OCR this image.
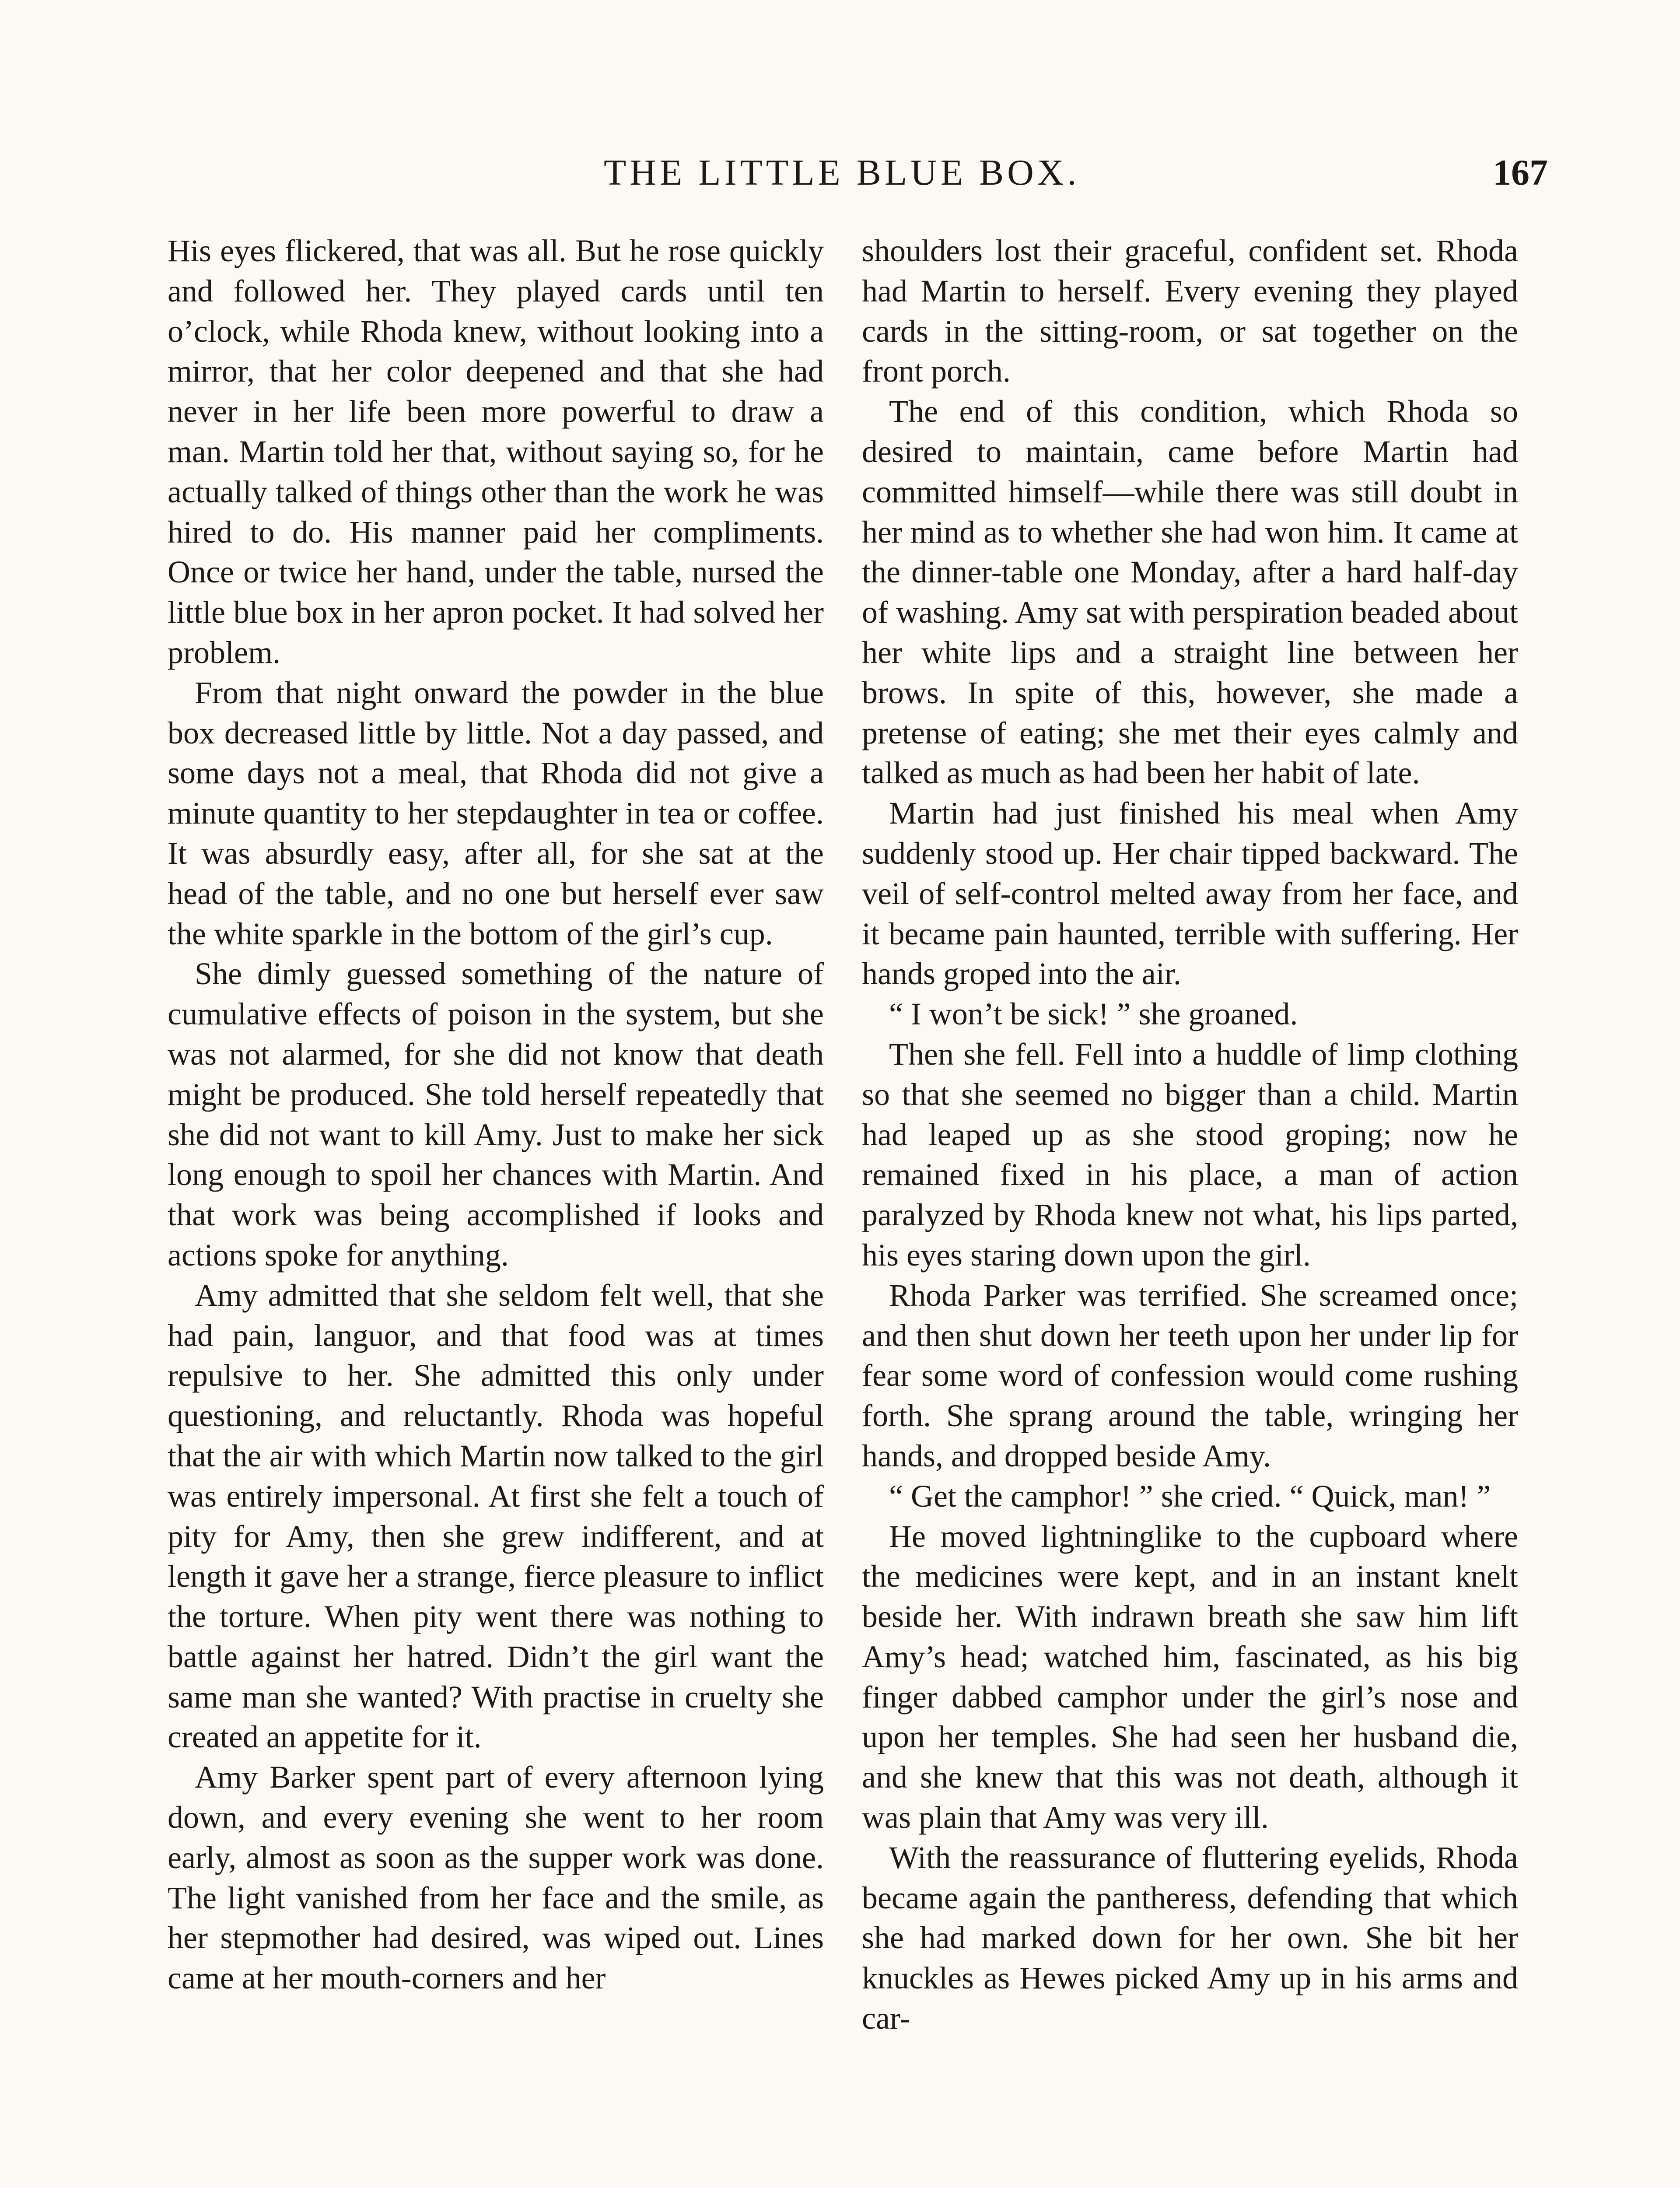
THE LITTLE BLUE BOX.	167

His eyes flickered, that was all. But he rose quickly and followed her. They played cards until ten o’clock, while Rhoda knew, without looking into a mirror, that her color deepened and that she had never in her life been more powerful to draw a man. Martin told her that, without saying so, for he actually talked of things other than the work he was hired to do. His manner paid her compliments. Once or twice her hand, under the table, nursed the little blue box in her apron pocket. It had solved her problem.

From that night onward the powder in the blue box decreased little by little. Not a day passed, and some days not a meal, that Rhoda did not give a minute quantity to her stepdaughter in tea or coffee. It was absurdly easy, after all, for she sat at the head of the table, and no one but herself ever saw the white sparkle in the bottom of the girl’s cup.

She dimly guessed something of the nature of cumulative effects of poison in the system, but she was not alarmed, for she did not know that death might be produced. She told herself repeatedly that she did not want to kill Amy. Just to make her sick long enough to spoil her chances with Martin. And that work was being accomplished if looks and actions spoke for anything.

Amy admitted that she seldom felt well, that she had pain, languor, and that food was at times repulsive to her. She admitted this only under questioning, and reluctantly. Rhoda was hopeful that the air with which Martin now talked to the girl was entirely impersonal. At first she felt a touch of pity for Amy, then she grew indifferent, and at length it gave her a strange, fierce pleasure to inflict the torture. When pity went there was nothing to battle against her hatred. Didn’t the girl want the same man she wanted? With practise in cruelty she created an appetite for it.

Amy Barker spent part of every afternoon lying down, and every evening she went to her room early, almost as soon as the supper work was done. The light vanished from her face and the smile, as her stepmother had desired, was wiped out. Lines came at her mouth-corners and her

shoulders lost their graceful, confident set. Rhoda had Martin to herself. Every evening they played cards in the sitting-room, or sat together on the front porch.

The end of this condition, which Rhoda so desired to maintain, came before Martin had committed himself—while there was still doubt in her mind as to whether she had won him. It came at the dinner-table one Monday, after a hard half-day of washing. Amy sat with perspiration beaded about her white lips and a straight line between her brows. In spite of this, however, she made a pretense of eating; she met their eyes calmly and talked as much as had been her habit of late.

Martin had just finished his meal when Amy suddenly stood up. Her chair tipped backward. The veil of self-control melted away from her face, and it became pain haunted, terrible with suffering. Her hands groped into the air.

“ I won’t be sick! ” she groaned.

Then she fell. Fell into a huddle of limp clothing so that she seemed no bigger than a child. Martin had leaped up as she stood groping; now he remained fixed in his place, a man of action paralyzed by Rhoda knew not what, his lips parted, his eyes staring down upon the girl.

Rhoda Parker was terrified. She screamed once; and then shut down her teeth upon her under lip for fear some word of confession would come rushing forth. She sprang around the table, wringing her hands, and dropped beside Amy.

“ Get the camphor! ” she cried. “ Quick, man! ”

He moved lightninglike to the cupboard where the medicines were kept, and in an instant knelt beside her. With indrawn breath she saw him lift Amy’s head; watched him, fascinated, as his big finger dabbed camphor under the girl’s nose and upon her temples. She had seen her husband die, and she knew that this was not death, although it was plain that Amy was very ill.

With the reassurance of fluttering eyelids, Rhoda became again the pantheress, defending that which she had marked down for her own. She bit her knuckles as Hewes picked Amy up in his arms and car-
